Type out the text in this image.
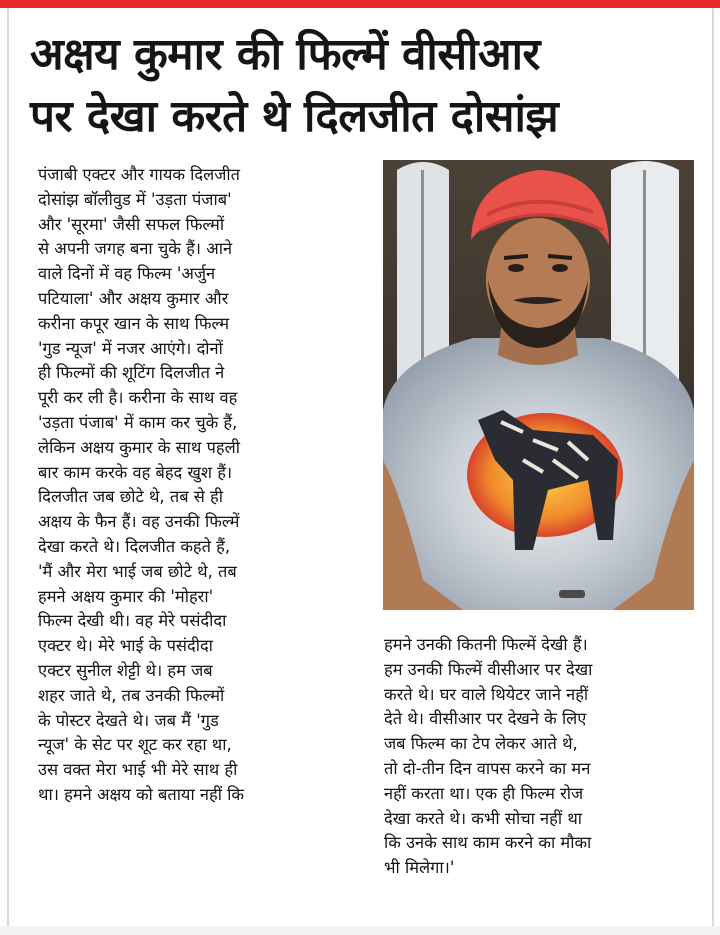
अक्षय कुमार की फिल्में वीसीआर
पर देखा करते थे दिलजीत दोसांझ
पंजाबी एक्टर और गायक दिलजीत
दोसांझ बॉलीवुड में 'उड़ता पंजाब'
और 'सूरमा' जैसी सफल फिल्मों
से अपनी जगह बना चुके हैं। आने
वाले दिनों में वह फिल्म 'अर्जुन
पटियाला' और अक्षय कुमार और
करीना कपूर खान के साथ फिल्म
'गुड न्यूज' में नजर आएंगे। दोनों
ही फिल्मों की शूटिंग दिलजीत ने
पूरी कर ली है। करीना के साथ वह
'उड़ता पंजाब' में काम कर चुके हैं,
लेकिन अक्षय कुमार के साथ पहली
बार काम करके वह बेहद खुश हैं।
दिलजीत जब छोटे थे, तब से ही
अक्षय के फैन हैं। वह उनकी फिल्में
देखा करते थे। दिलजीत कहते हैं,
'मैं और मेरा भाई जब छोटे थे, तब
हमने अक्षय कुमार की 'मोहरा'
फिल्म देखी थी। वह मेरे पसंदीदा
एक्टर थे। मेरे भाई के पसंदीदा
एक्टर सुनील शेट्टी थे। हम जब
शहर जाते थे, तब उनकी फिल्मों
के पोस्टर देखते थे। जब मैं 'गुड
न्यूज' के सेट पर शूट कर रहा था,
उस वक्त मेरा भाई भी मेरे साथ ही
था। हमने अक्षय को बताया नहीं कि
हमने उनकी कितनी फिल्में देखी हैं।
हम उनकी फिल्में वीसीआर पर देखा
करते थे। घर वाले थियेटर जाने नहीं
देते थे। वीसीआर पर देखने के लिए
जब फिल्म का टेप लेकर आते थे,
तो दो-तीन दिन वापस करने का मन
नहीं करता था। एक ही फिल्म रोज
देखा करते थे। कभी सोचा नहीं था
कि उनके साथ काम करने का मौका
भी मिलेगा।'
